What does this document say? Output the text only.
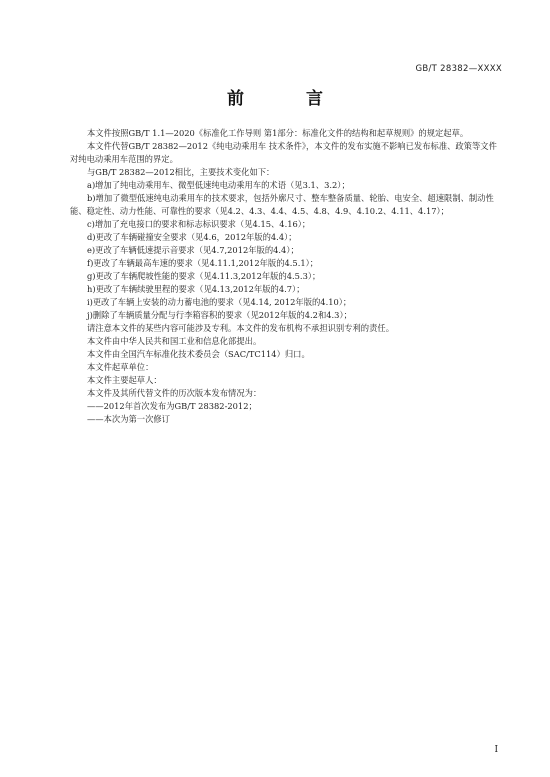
GB/T 28382—XXXX
前 言
本文件按照GB/T 1.1—2020《标准化工作导则 第1部分：标准化文件的结构和起草规则》的规定起草。
本文件代替GB/T 28382—2012《纯电动乘用车 技术条件》，本文件的发布实施不影响已发布标准、政策等文件对纯电动乘用车范围的界定。
与GB/T 28382—2012相比，主要技术变化如下：
a)增加了纯电动乘用车、微型低速纯电动乘用车的术语（见3.1、3.2）；
b)增加了微型低速纯电动乘用车的技术要求，包括外廓尺寸、整车整备质量、轮胎、电安全、超速限制、制动性能、稳定性、动力性能、可靠性的要求（见4.2、4.3、4.4、4.5、4.8、4.9、4.10.2、4.11、4.17）；
c)增加了充电接口的要求和标志标识要求（见4.15、4.16）；
d)更改了车辆碰撞安全要求（见4.6，2012年版的4.4）；
e)更改了车辆低速提示音要求（见4.7,2012年版的4.4）；
f)更改了车辆最高车速的要求（见4.11.1,2012年版的4.5.1）；
g)更改了车辆爬坡性能的要求（见4.11.3,2012年版的4.5.3）；
h)更改了车辆续驶里程的要求（见4.13,2012年版的4.7）；
i)更改了车辆上安装的动力蓄电池的要求（见4.14, 2012年版的4.10）；
j)删除了车辆质量分配与行李箱容积的要求（见2012年版的4.2和4.3）；
请注意本文件的某些内容可能涉及专利。本文件的发布机构不承担识别专利的责任。
本文件由中华人民共和国工业和信息化部提出。
本文件由全国汽车标准化技术委员会（SAC/TC114）归口。
本文件起草单位：
本文件主要起草人：
本文件及其所代替文件的历次版本发布情况为：
——2012年首次发布为GB/T 28382-2012；
——本次为第一次修订
I
